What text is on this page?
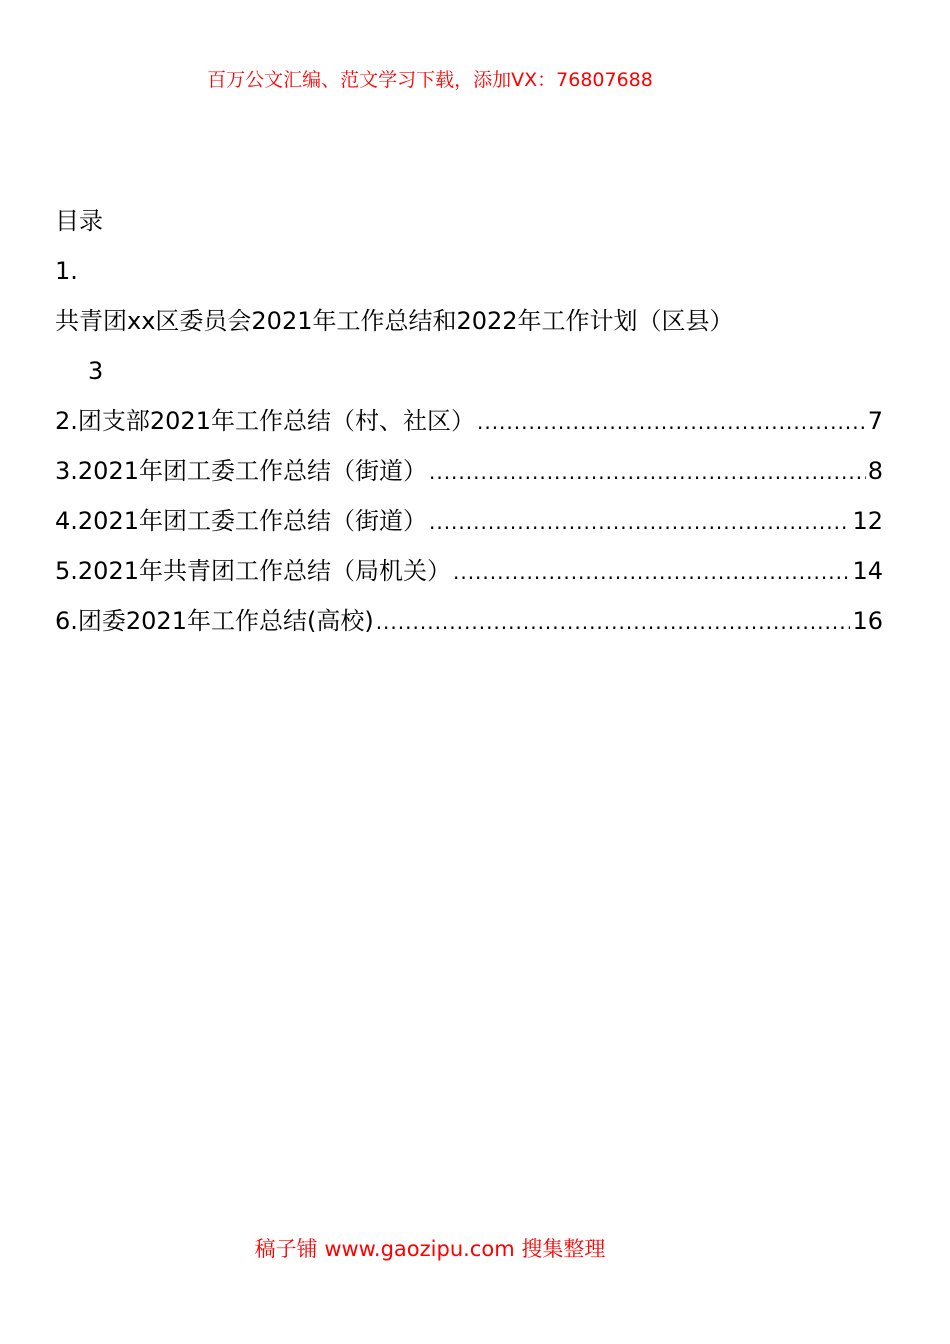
百万公文汇编、范文学习下载，添加VX：76807688
目录
1.
共青团xx区委员会2021年工作总结和2022年工作计划（区县）
3
2.团支部2021年工作总结（村、社区） .....	7
3.2021年团工委工作总结（街道） .....	8
4.2021年团工委工作总结（街道） .....	12
5.2021年共青团工作总结（局机关） .....	14
6.团委2021年工作总结(高校) .....	16
稿子铺 www.gaozipu.com 搜集整理
